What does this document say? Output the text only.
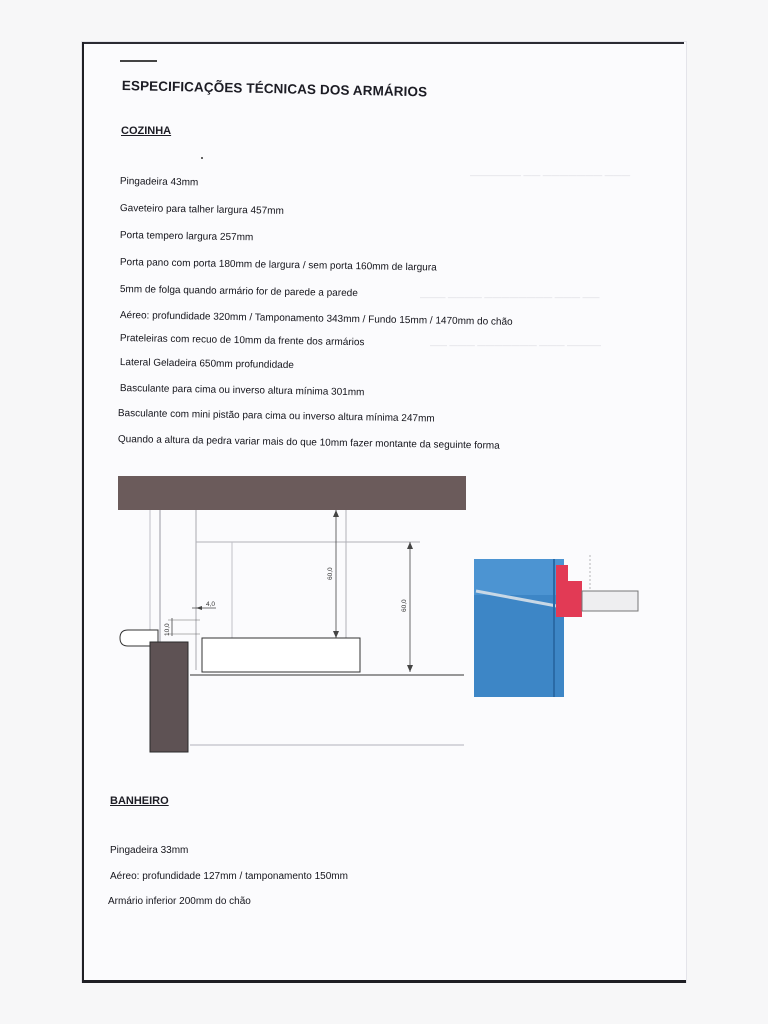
—————— —— ——————— ———
——— ———— ———————— ——— ——
—— ——— ——————— ——— ————
ESPECIFICAÇÕES TÉCNICAS DOS ARMÁRIOS
COZINHA
Pingadeira 43mm
Gaveteiro para talher largura 457mm
Porta tempero largura 257mm
Porta pano com porta 180mm de largura / sem porta 160mm de largura
5mm de folga quando armário for de parede a parede
Aéreo: profundidade 320mm / Tamponamento 343mm / Fundo 15mm / 1470mm do chão
Prateleiras com recuo de 10mm da frente dos armários
Lateral Geladeira 650mm profundidade
Basculante para cima ou inverso altura mínima 301mm
Basculante com mini pistão para cima ou inverso altura mínima 247mm
Quando a altura da pedra variar mais do que 10mm fazer montante da seguinte forma
60,0
60,0
4,0
10,0
BANHEIRO
Pingadeira 33mm
Aéreo: profundidade 127mm / tamponamento 150mm
Armário inferior 200mm do chão
